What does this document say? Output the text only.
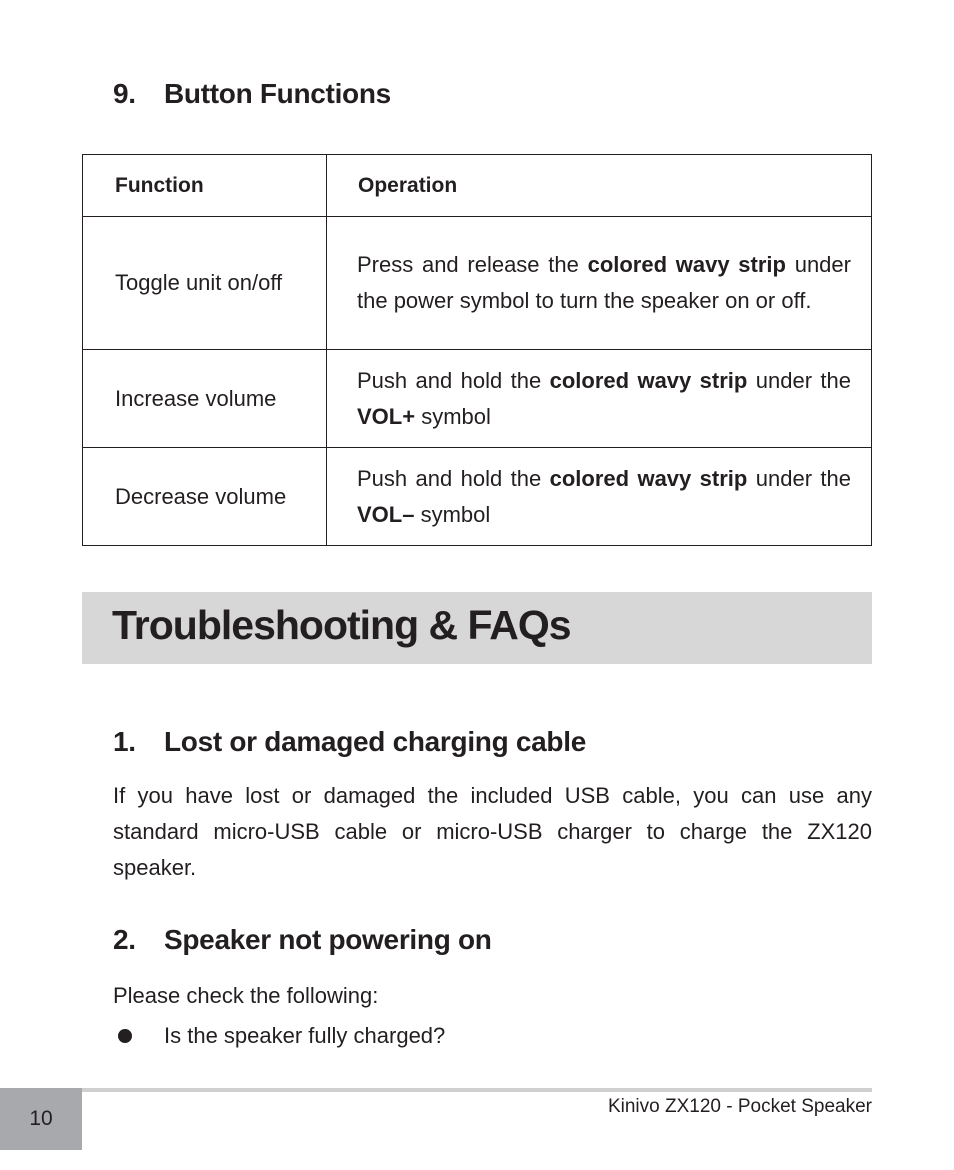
9.	Button Functions
Function	Operation
Toggle unit on/off	Press and release the colored wavy strip under the power symbol to turn the speaker on or off.
Increase volume	Push and hold the colored wavy strip under the VOL+ symbol
Decrease volume	Push and hold the colored wavy strip under the VOL– symbol
Troubleshooting & FAQs
1.	Lost or damaged charging cable

If you have lost or damaged the included USB cable, you can use any standard micro-USB cable or micro-USB charger to charge the ZX120 speaker.

2.	Speaker not powering on

Please check the following:

Is the speaker fully charged?
10
Kinivo ZX120 - Pocket Speaker
